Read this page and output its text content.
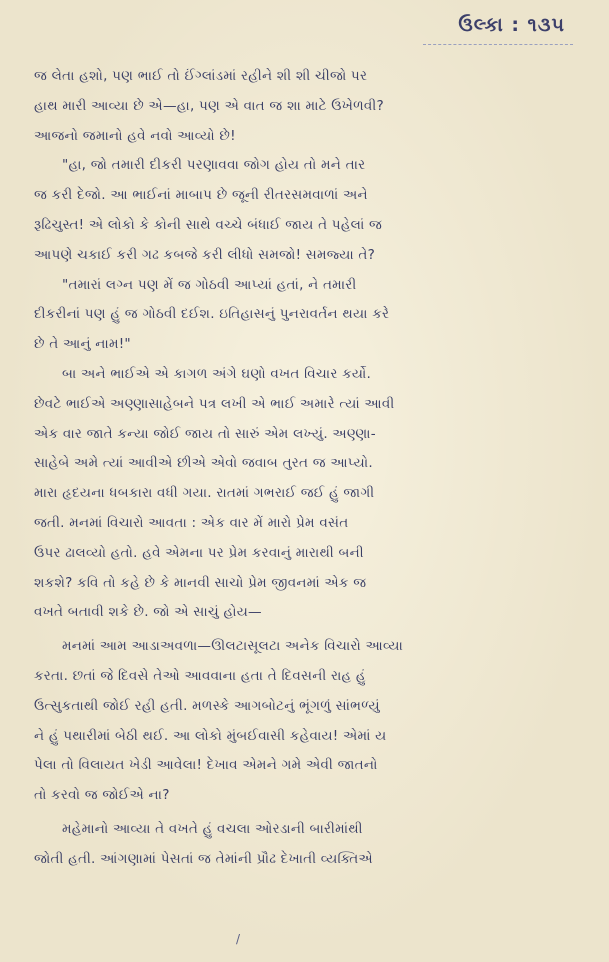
ઉલ્કા : ૧૩૫
જ લેતા હશો, પણ ભાઈ તો ઈંગ્લાંડમાં રહીને શી શી ચીજો પર
હાથ મારી આવ્યા છે એ—હા, પણ એ વાત જ શા માટે ઉખેળવી?
આજનો જમાનો હવે નવો આવ્યો છે!
"હા, જો તમારી દીકરી પરણાવવા જોગ હોય તો મને તાર
જ કરી દેજો. આ ભાઈનાં માબાપ છે જૂની રીતરસમવાળાં અને
રૂઢિચુસ્ત! એ લોકો કે કોની સાથે વચ્ચે બંધાઈ જાય તે પહેલાં જ
આપણે ચકાઈ કરી ગઢ કબજે કરી લીધો સમજો! સમજ્યા તે?
"તમારાં લગ્ન પણ મેં જ ગોઠવી આપ્યાં હતાં, ને તમારી
દીકરીનાં પણ હું જ ગોઠવી દઈશ. ઇતિહાસનું પુનરાવર્તન થયા કરે
છે તે આનું નામ!"
બા અને ભાઈએ એ કાગળ અંગે ઘણો વખત વિચાર કર્યો.
છેવટે ભાઈએ અણ્ણાસાહેબને પત્ર લખી એ ભાઈ અમારે ત્યાં આવી
એક વાર જાતે કન્યા જોઈ જાય તો સારું એમ લખ્યું. અણ્ણા-
સાહેબે અમે ત્યાં આવીએ છીએ એવો જવાબ તુરત જ આપ્યો.
મારા હૃદયના ધબકારા વધી ગયા. રાતમાં ગભરાઈ જઈ હું જાગી
જતી. મનમાં વિચારો આવતા : એક વાર મેં મારો પ્રેમ વસંત
ઉપર ઢાલવ્યો હતો. હવે એમના પર પ્રેમ કરવાનું મારાથી બની
શકશે? કવિ તો કહે છે કે માનવી સાચો પ્રેમ જીવનમાં એક જ
વખતે બતાવી શકે છે. જો એ સાચું હોય—
મનમાં આમ આડાઅવળા—ઊલટાસૂલટા અનેક વિચારો આવ્યા
કરતા. છતાં જે દિવસે તેઓ આવવાના હતા તે દિવસની રાહ હું
ઉત્સુકતાથી જોઈ રહી હતી. મળસ્કે આગબોટનું ભૂંગળું સાંભળ્યું
ને હું પથારીમાં બેઠી થઈ. આ લોકો મુંબઈવાસી કહેવાય! એમાં ય
પેલા તો વિલાયત ખેડી આવેલા! દેખાવ એમને ગમે એવી જાતનો
તો કરવો જ જોઈએ ના?
મહેમાનો આવ્યા તે વખતે હું વચલા ઓરડાની બારીમાંથી
જોતી હતી. આંગણામાં પેસતાં જ તેમાંની પ્રૌઢ દેખાતી વ્યક્તિએ
/
